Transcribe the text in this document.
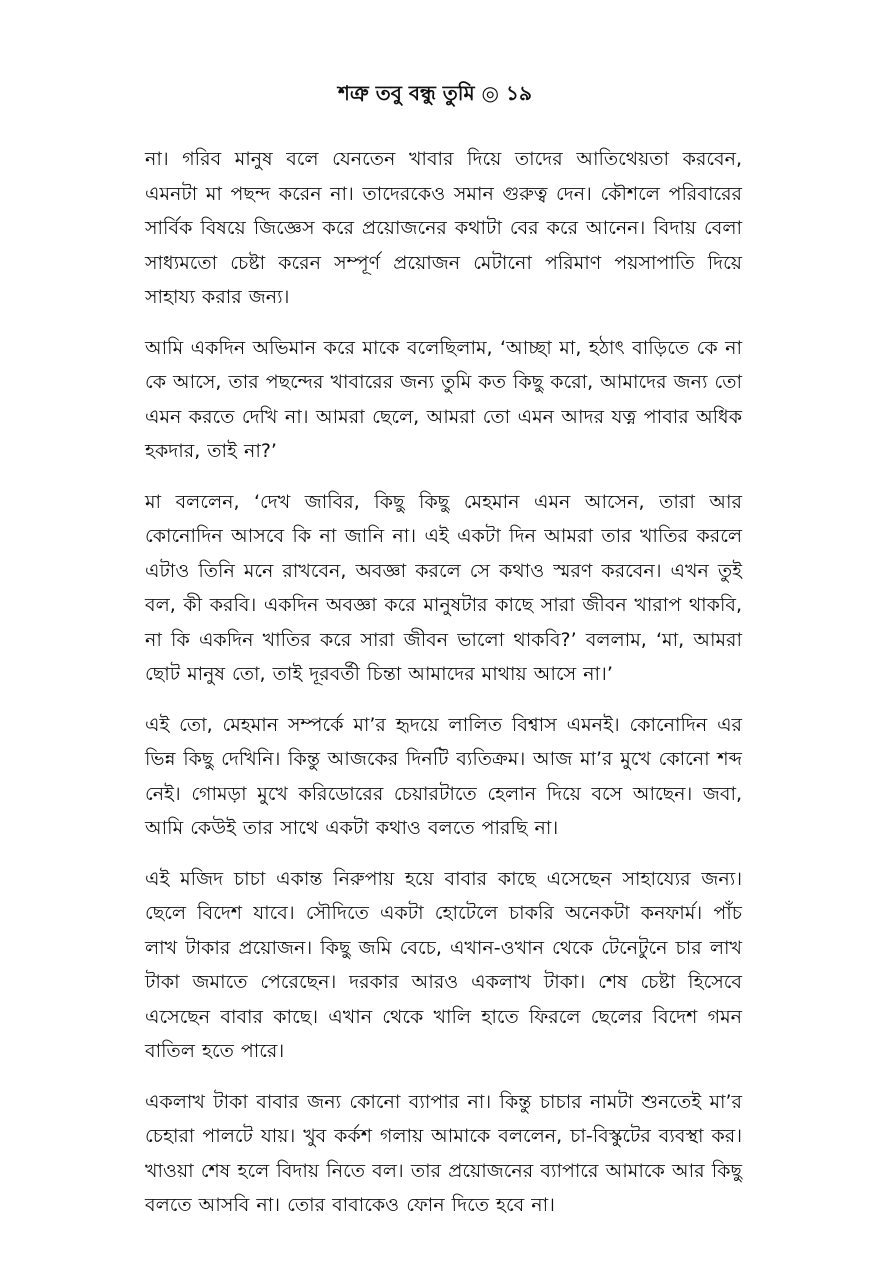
শত্রু তবু বন্ধু তুমি ◎ ১৯

না। গরিব মানুষ বলে যেনতেন খাবার দিয়ে তাদের আতিথেয়তা করবেন, এমনটা মা পছন্দ করেন না। তাদেরকেও সমান গুরুত্ব দেন। কৌশলে পরিবারের সার্বিক বিষয়ে জিজ্ঞেস করে প্রয়োজনের কথাটা বের করে আনেন। বিদায় বেলা সাধ্যমতো চেষ্টা করেন সম্পূর্ণ প্রয়োজন মেটানো পরিমাণ পয়সাপাতি দিয়ে সাহায্য করার জন্য।

আমি একদিন অভিমান করে মাকে বলেছিলাম, ‘আচ্ছা মা, হঠাৎ বাড়িতে কে না কে আসে, তার পছন্দের খাবারের জন্য তুমি কত কিছু করো, আমাদের জন্য তো এমন করতে দেখি না। আমরা ছেলে, আমরা তো এমন আদর যত্ন পাবার অধিক হকদার, তাই না?’

মা বললেন, ‘দেখ জাবির, কিছু কিছু মেহমান এমন আসেন, তারা আর কোনোদিন আসবে কি না জানি না। এই একটা দিন আমরা তার খাতির করলে এটাও তিনি মনে রাখবেন, অবজ্ঞা করলে সে কথাও স্মরণ করবেন। এখন তুই বল, কী করবি। একদিন অবজ্ঞা করে মানুষটার কাছে সারা জীবন খারাপ থাকবি, না কি একদিন খাতির করে সারা জীবন ভালো থাকবি?’ বললাম, ‘মা, আমরা ছোট মানুষ তো, তাই দূরবর্তী চিন্তা আমাদের মাথায় আসে না।’

এই তো, মেহমান সম্পর্কে মা’র হৃদয়ে লালিত বিশ্বাস এমনই। কোনোদিন এর ভিন্ন কিছু দেখিনি। কিন্তু আজকের দিনটি ব্যতিক্রম। আজ মা’র মুখে কোনো শব্দ নেই। গোমড়া মুখে করিডোরের চেয়ারটাতে হেলান দিয়ে বসে আছেন। জবা, আমি কেউই তার সাথে একটা কথাও বলতে পারছি না।

এই মজিদ চাচা একান্ত নিরুপায় হয়ে বাবার কাছে এসেছেন সাহায্যের জন্য। ছেলে বিদেশ যাবে। সৌদিতে একটা হোটেলে চাকরি অনেকটা কনফার্ম। পাঁচ লাখ টাকার প্রয়োজন। কিছু জমি বেচে, এখান-ওখান থেকে টেনেটুনে চার লাখ টাকা জমাতে পেরেছেন। দরকার আরও একলাখ টাকা। শেষ চেষ্টা হিসেবে এসেছেন বাবার কাছে। এখান থেকে খালি হাতে ফিরলে ছেলের বিদেশ গমন বাতিল হতে পারে।

একলাখ টাকা বাবার জন্য কোনো ব্যাপার না। কিন্তু চাচার নামটা শুনতেই মা’র চেহারা পালটে যায়। খুব কর্কশ গলায় আমাকে বললেন, চা-বিস্কুটের ব্যবস্থা কর। খাওয়া শেষ হলে বিদায় নিতে বল। তার প্রয়োজনের ব্যাপারে আমাকে আর কিছু বলতে আসবি না। তোর বাবাকেও ফোন দিতে হবে না।
